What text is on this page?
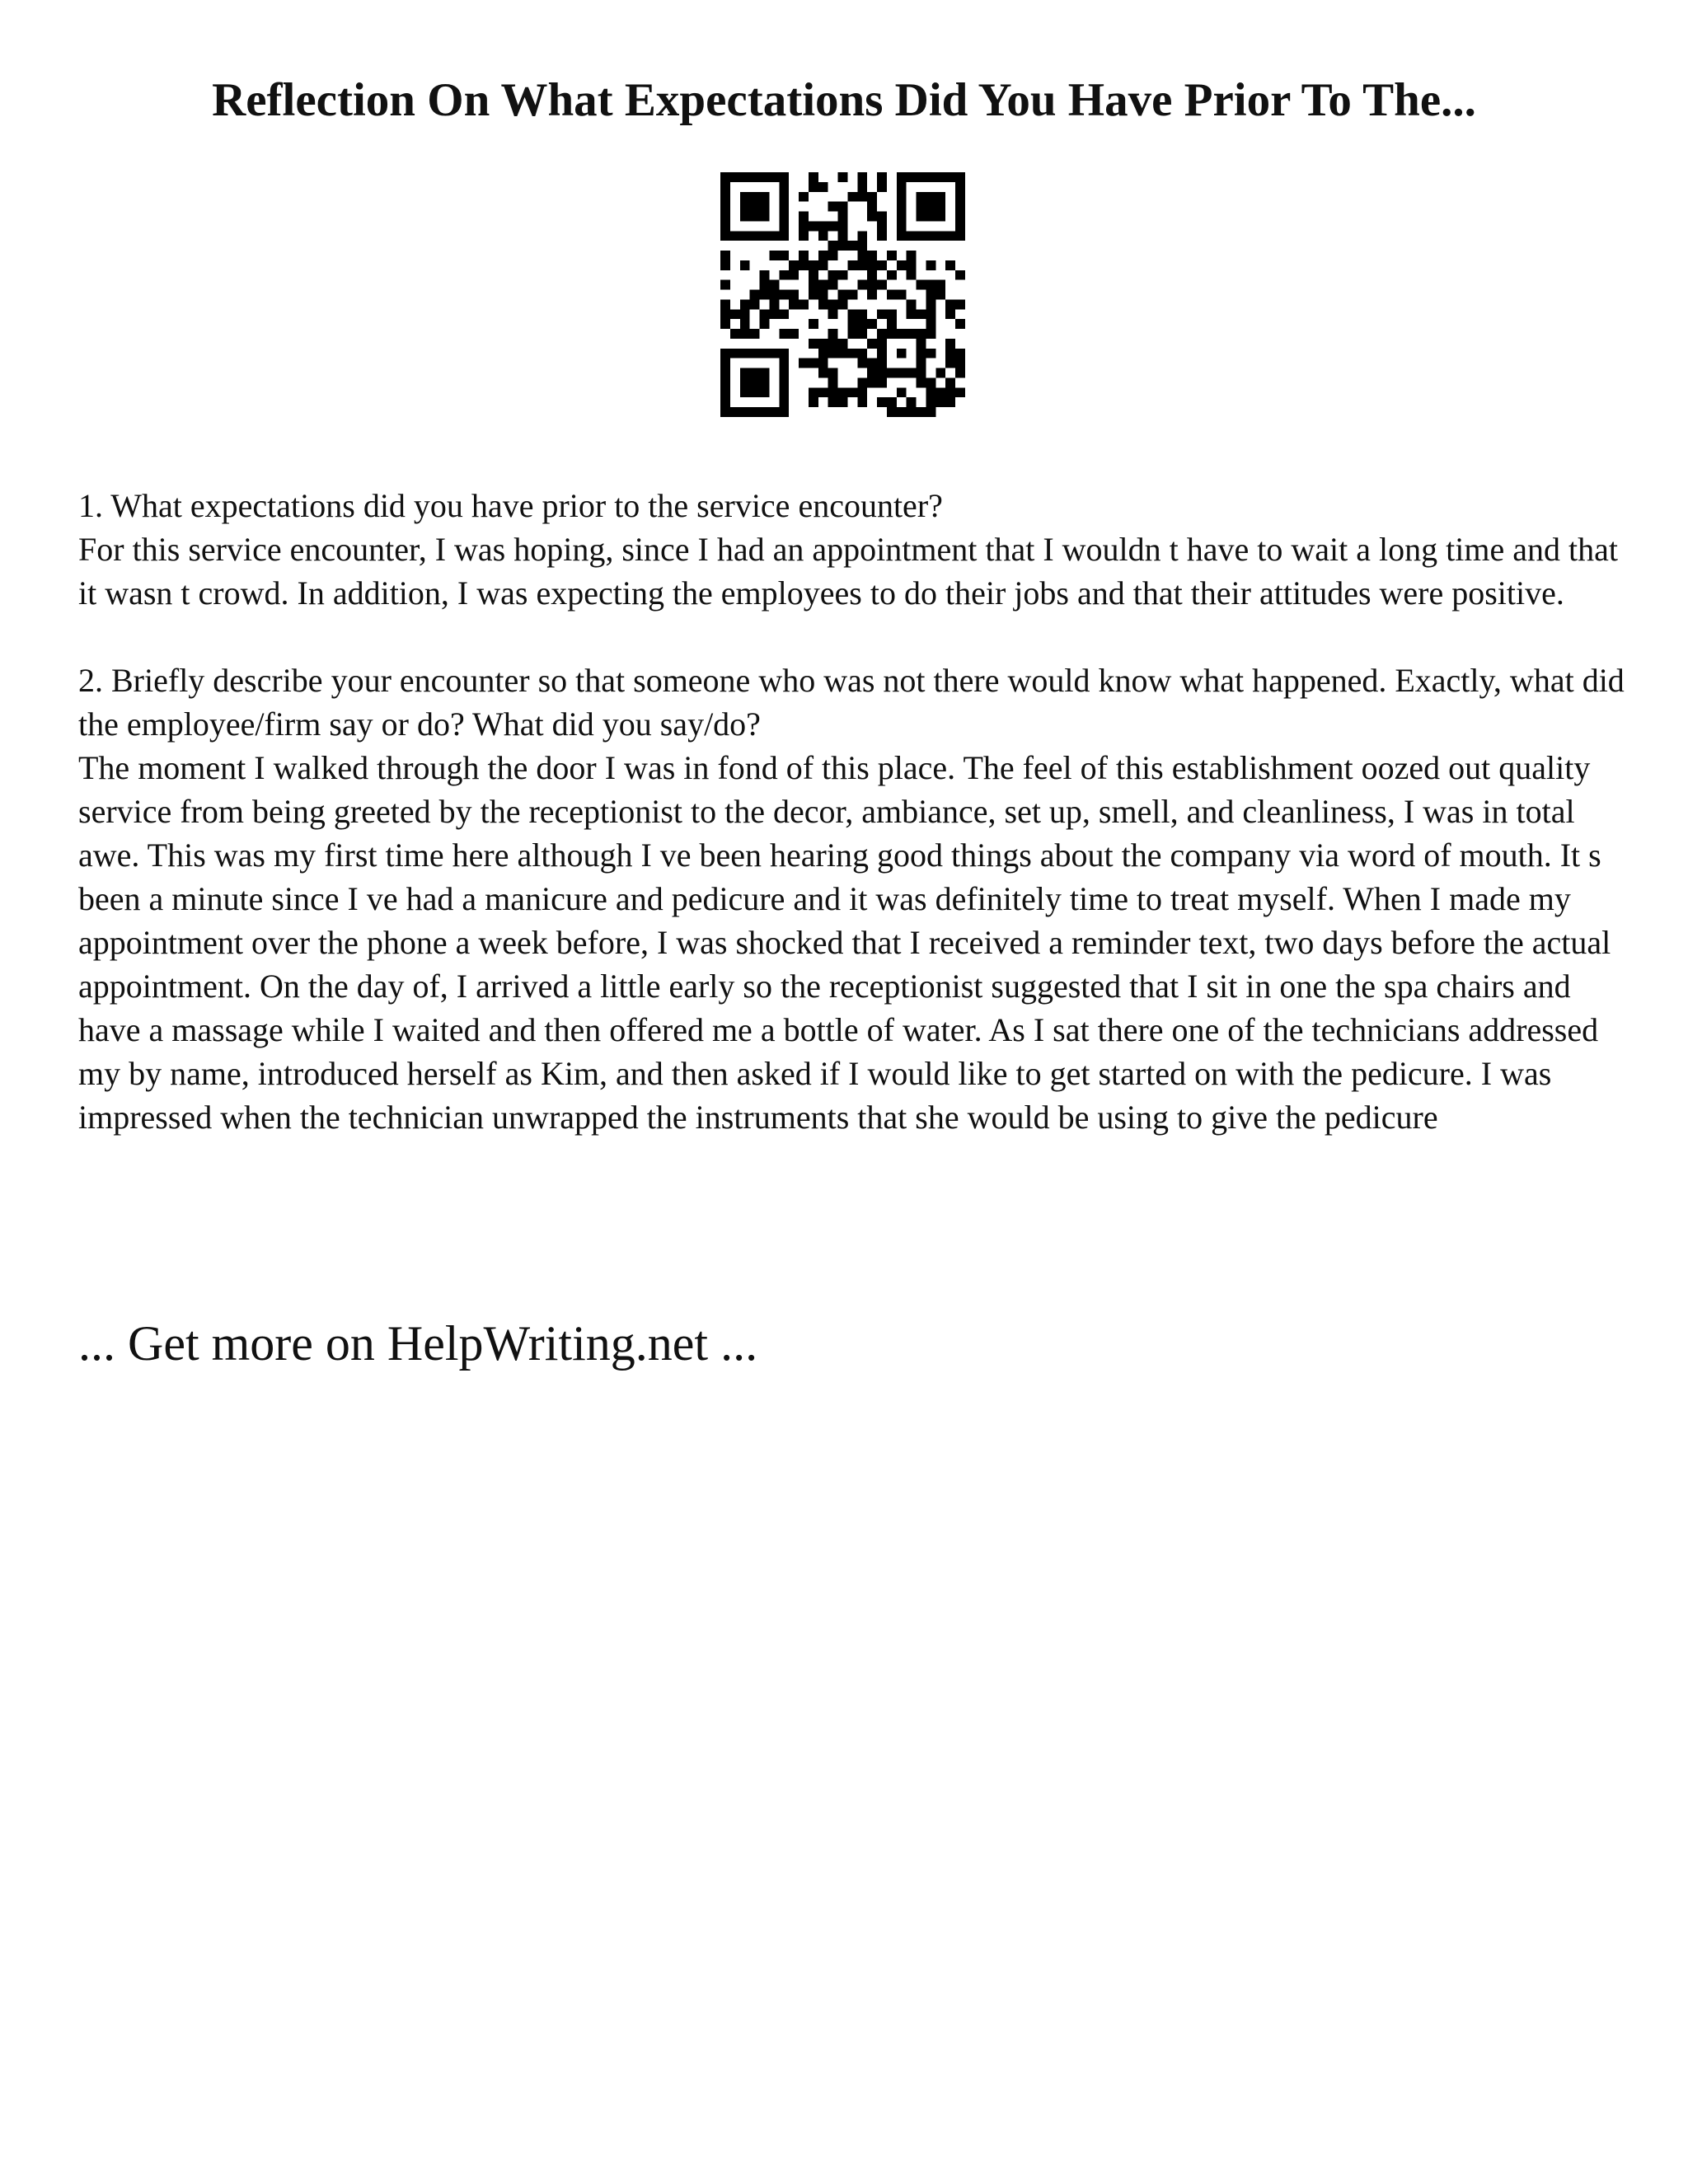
Reflection On What Expectations Did You Have Prior To The...

1. What expectations did you have prior to the service encounter?

For this service encounter, I was hoping, since I had an appointment that I wouldn t have to wait a long time and that it wasn t crowd. In addition, I was expecting the employees to do their jobs and that their attitudes were positive.

2. Briefly describe your encounter so that someone who was not there would know what happened. Exactly, what did the employee/firm say or do? What did you say/do?

The moment I walked through the door I was in fond of this place. The feel of this establishment oozed out quality service from being greeted by the receptionist to the decor, ambiance, set up, smell, and cleanliness, I was in total awe. This was my first time here although I ve been hearing good things about the company via word of mouth. It s been a minute since I ve had a manicure and pedicure and it was definitely time to treat myself. When I made my appointment over the phone a week before, I was shocked that I received a reminder text, two days before the actual appointment. On the day of, I arrived a little early so the receptionist suggested that I sit in one the spa chairs and have a massage while I waited and then offered me a bottle of water. As I sat there one of the technicians addressed my by name, introduced herself as Kim, and then asked if I would like to get started on with the pedicure. I was impressed when the technician unwrapped the instruments that she would be using to give the pedicure

... Get more on HelpWriting.net ...
